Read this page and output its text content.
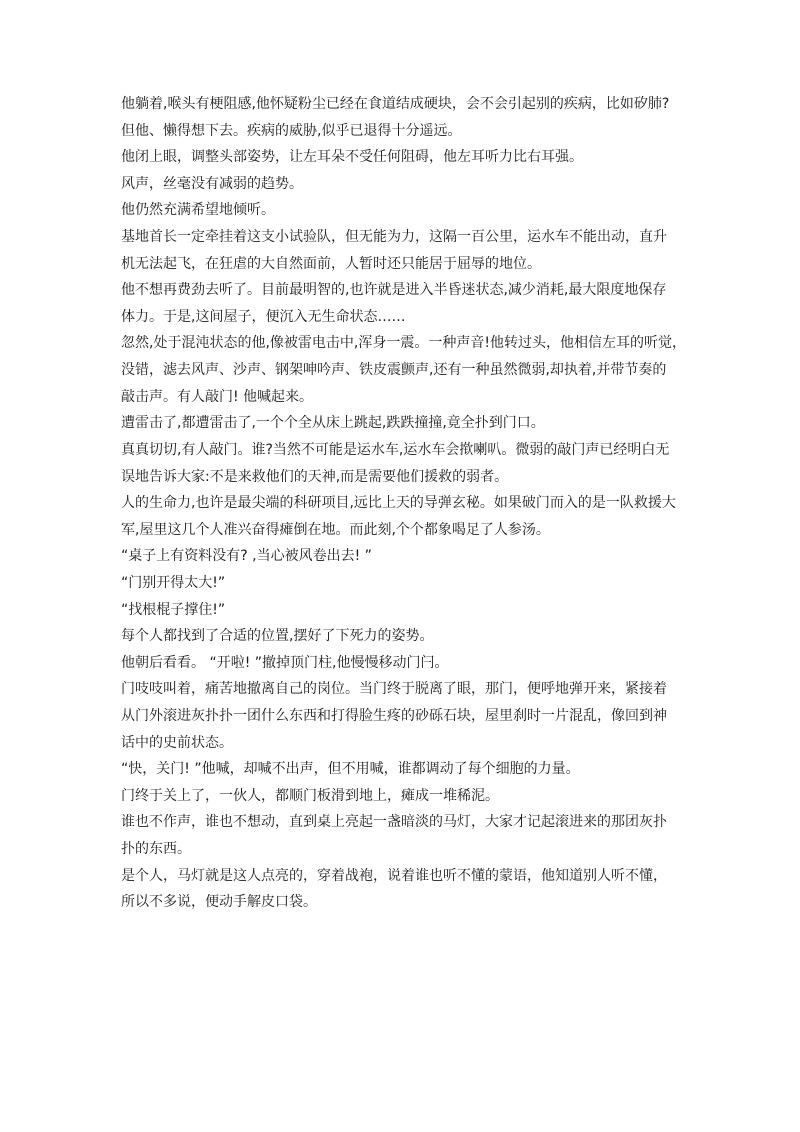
他躺着,喉头有梗阻感,他怀疑粉尘已经在食道结成硬块，会不会引起别的疾病，比如矽肺?
但他、懒得想下去。疾病的威胁,似乎已退得十分遥远。
他闭上眼，调整头部姿势，让左耳朵不受任何阻碍，他左耳听力比右耳强。
风声，丝毫没有减弱的趋势。
他仍然充满希望地倾听。
基地首长一定牵挂着这支小试验队，但无能为力，这隔一百公里，运水车不能出动，直升
机无法起飞，在狂虐的大自然面前，人暂时还只能居于屈辱的地位。
他不想再费劲去听了。目前最明智的,也许就是进入半昏迷状态,减少消耗,最大限度地保存
体力。于是,这间屋子，便沉入无生命状态……
忽然,处于混沌状态的他,像被雷电击中,浑身一震。一种声音!他转过头，他相信左耳的听觉，
没错，滤去风声、沙声、钢架呻吟声、铁皮震颤声,还有一种虽然微弱,却执着,并带节奏的
敲击声。有人敲门! 他喊起来。
遭雷击了,都遭雷击了,一个个全从床上跳起,跌跌撞撞,竟全扑到门口。
真真切切,有人敲门。谁?当然不可能是运水车,运水车会揿喇叭。微弱的敲门声已经明白无
误地告诉大家:不是来救他们的天神,而是需要他们援救的弱者。
人的生命力,也许是最尖端的科研项目,远比上天的导弹玄秘。如果破门而入的是一队救援大
军,屋里这几个人准兴奋得瘫倒在地。而此刻,个个都象喝足了人参汤。
“桌子上有资料没有? ,当心被风卷出去! ”
“门别开得太大!”
“找根棍子撑住!”
每个人都找到了合适的位置,摆好了下死力的姿势。
他朝后看看。 “开啦! ”撤掉顶门柱,他慢慢移动门闩。
门吱吱叫着，痛苦地撤离自己的岗位。当门终于脱离了眼，那门，便呼地弹开来，紧接着
从门外滚进灰扑扑一团什么东西和打得脸生疼的砂砾石块，屋里刹时一片混乱，像回到神
话中的史前状态。
“快，关门! ”他喊，却喊不出声，但不用喊，谁都调动了每个细胞的力量。
门终于关上了，一伙人，都顺门板滑到地上，瘫成一堆稀泥。
谁也不作声，谁也不想动，直到桌上亮起一盏暗淡的马灯，大家才记起滚进来的那团灰扑
扑的东西。
是个人，马灯就是这人点亮的，穿着战袍，说着谁也听不懂的蒙语，他知道别人听不懂，
所以不多说，便动手解皮口袋。
